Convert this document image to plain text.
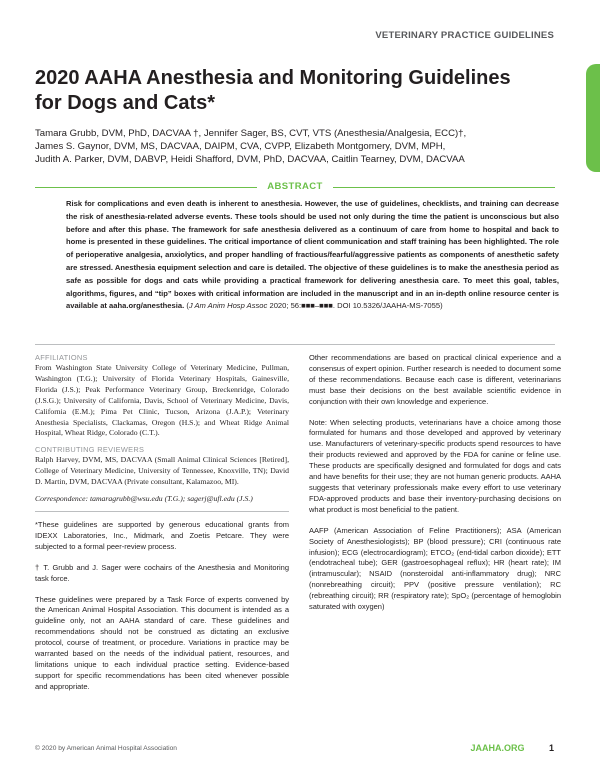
VETERINARY PRACTICE GUIDELINES
2020 AAHA Anesthesia and Monitoring Guidelines
for Dogs and Cats*
Tamara Grubb, DVM, PhD, DACVAA †, Jennifer Sager, BS, CVT, VTS (Anesthesia/Analgesia, ECC)†,
James S. Gaynor, DVM, MS, DACVAA, DAIPM, CVA, CVPP, Elizabeth Montgomery, DVM, MPH,
Judith A. Parker, DVM, DABVP, Heidi Shafford, DVM, PhD, DACVAA, Caitlin Tearney, DVM, DACVAA
ABSTRACT

Risk for complications and even death is inherent to anesthesia. However, the use of guidelines, checklists, and training can decrease the risk of anesthesia-related adverse events. These tools should be used not only during the time the patient is unconscious but also before and after this phase. The framework for safe anesthesia delivered as a continuum of care from home to hospital and back to home is presented in these guidelines. The critical importance of client communication and staff training has been highlighted. The role of perioperative analgesia, anxiolytics, and proper handling of fractious/fearful/aggressive patients as components of anesthetic safety are stressed. Anesthesia equipment selection and care is detailed. The objective of these guidelines is to make the anesthesia period as safe as possible for dogs and cats while providing a practical framework for delivering anesthesia care. To meet this goal, tables, algorithms, figures, and “tip” boxes with critical information are included in the manuscript and in an in-depth online resource center is available at aaha.org/anesthesia. (J Am Anim Hosp Assoc 2020; 56:■■■–■■■. DOI 10.5326/JAAHA-MS-7055)

AFFILIATIONS

From Washington State University College of Veterinary Medicine, Pullman, Washington (T.G.); University of Florida Veterinary Hospitals, Gainesville, Florida (J.S.); Peak Performance Veterinary Group, Breckenridge, Colorado (J.S.G.); University of California, Davis, School of Veterinary Medicine, Davis, California (E.M.); Pima Pet Clinic, Tucson, Arizona (J.A.P.); Veterinary Anesthesia Specialists, Clackamas, Oregon (H.S.); and Wheat Ridge Animal Hospital, Wheat Ridge, Colorado (C.T.).

CONTRIBUTING REVIEWERS

Ralph Harvey, DVM, MS, DACVAA (Small Animal Clinical Sciences [Retired], College of Veterinary Medicine, University of Tennessee, Knoxville, TN); David D. Martin, DVM, DACVAA (Private consultant, Kalamazoo, MI).

Correspondence: tamaragrubb@wsu.edu (T.G.); sagerj@ufl.edu (J.S.)

*These guidelines are supported by generous educational grants from IDEXX Laboratories, Inc., Midmark, and Zoetis Petcare. They were subjected to a formal peer-review process.

† T. Grubb and J. Sager were cochairs of the Anesthesia and Monitoring task force.

These guidelines were prepared by a Task Force of experts convened by the American Animal Hospital Association. This document is intended as a guideline only, not an AAHA standard of care. These guidelines and recommendations should not be construed as dictating an exclusive protocol, course of treatment, or procedure. Variations in practice may be warranted based on the needs of the individual patient, resources, and limitations unique to each individual practice setting. Evidence-based support for specific recommendations has been cited whenever possible and appropriate.

Other recommendations are based on practical clinical experience and a consensus of expert opinion. Further research is needed to document some of these recommendations. Because each case is different, veterinarians must base their decisions on the best available scientific evidence in conjunction with their own knowledge and experience.

Note: When selecting products, veterinarians have a choice among those formulated for humans and those developed and approved by veterinary use. Manufacturers of veterinary-specific products spend resources to have their products reviewed and approved by the FDA for canine or feline use. These products are specifically designed and formulated for dogs and cats and have benefits for their use; they are not human generic products. AAHA suggests that veterinary professionals make every effort to use veterinary FDA-approved products and base their inventory-purchasing decisions on what product is most beneficial to the patient.

AAFP (American Association of Feline Practitioners); ASA (American Society of Anesthesiologists); BP (blood pressure); CRI (continuous rate infusion); ECG (electrocardiogram); ETCO₂ (end-tidal carbon dioxide); ETT (endotracheal tube); GER (gastroesophageal reflux); HR (heart rate); IM (intramuscular); NSAID (nonsteroidal anti-inflammatory drug); NRC (nonrebreathing circuit); PPV (positive pressure ventilation); RC (rebreathing circuit); RR (respiratory rate); SpO₂ (percentage of hemoglobin saturated with oxygen)

© 2020 by American Animal Hospital Association	JAAHA.ORG	1
